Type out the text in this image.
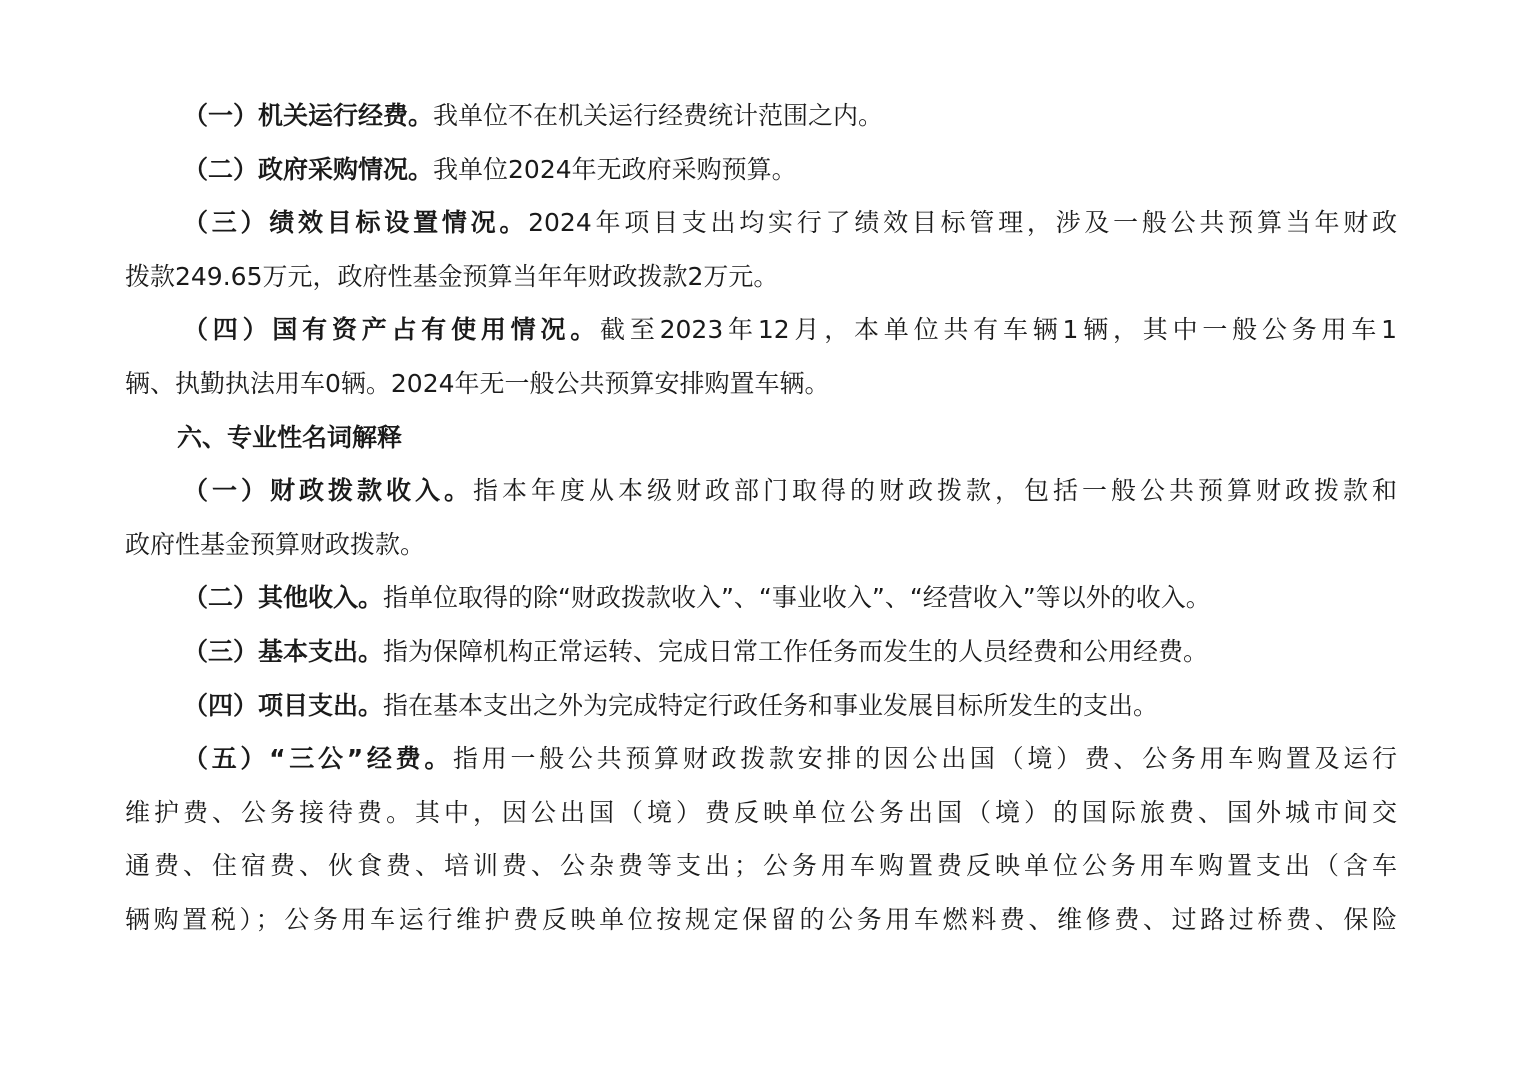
（一）机关运行经费。我单位不在机关运行经费统计范围之内。
（二）政府采购情况。我单位2024年无政府采购预算。
（三）绩效目标设置情况。2024年项目支出均实行了绩效目标管理，涉及一般公共预算当年财政
拨款249.65万元，政府性基金预算当年年财政拨款2万元。
（四）国有资产占有使用情况。截至2023年12月，本单位共有车辆1辆，其中一般公务用车1
辆、执勤执法用车0辆。2024年无一般公共预算安排购置车辆。
六、专业性名词解释
（一）财政拨款收入。指本年度从本级财政部门取得的财政拨款，包括一般公共预算财政拨款和
政府性基金预算财政拨款。
（二）其他收入。指单位取得的除“财政拨款收入”、“事业收入”、“经营收入”等以外的收入。
（三）基本支出。指为保障机构正常运转、完成日常工作任务而发生的人员经费和公用经费。
（四）项目支出。指在基本支出之外为完成特定行政任务和事业发展目标所发生的支出。
（五）“三公”经费。指用一般公共预算财政拨款安排的因公出国（境）费、公务用车购置及运行
维护费、公务接待费。其中，因公出国（境）费反映单位公务出国（境）的国际旅费、国外城市间交
通费、住宿费、伙食费、培训费、公杂费等支出；公务用车购置费反映单位公务用车购置支出（含车
辆购置税）；公务用车运行维护费反映单位按规定保留的公务用车燃料费、维修费、过路过桥费、保险
